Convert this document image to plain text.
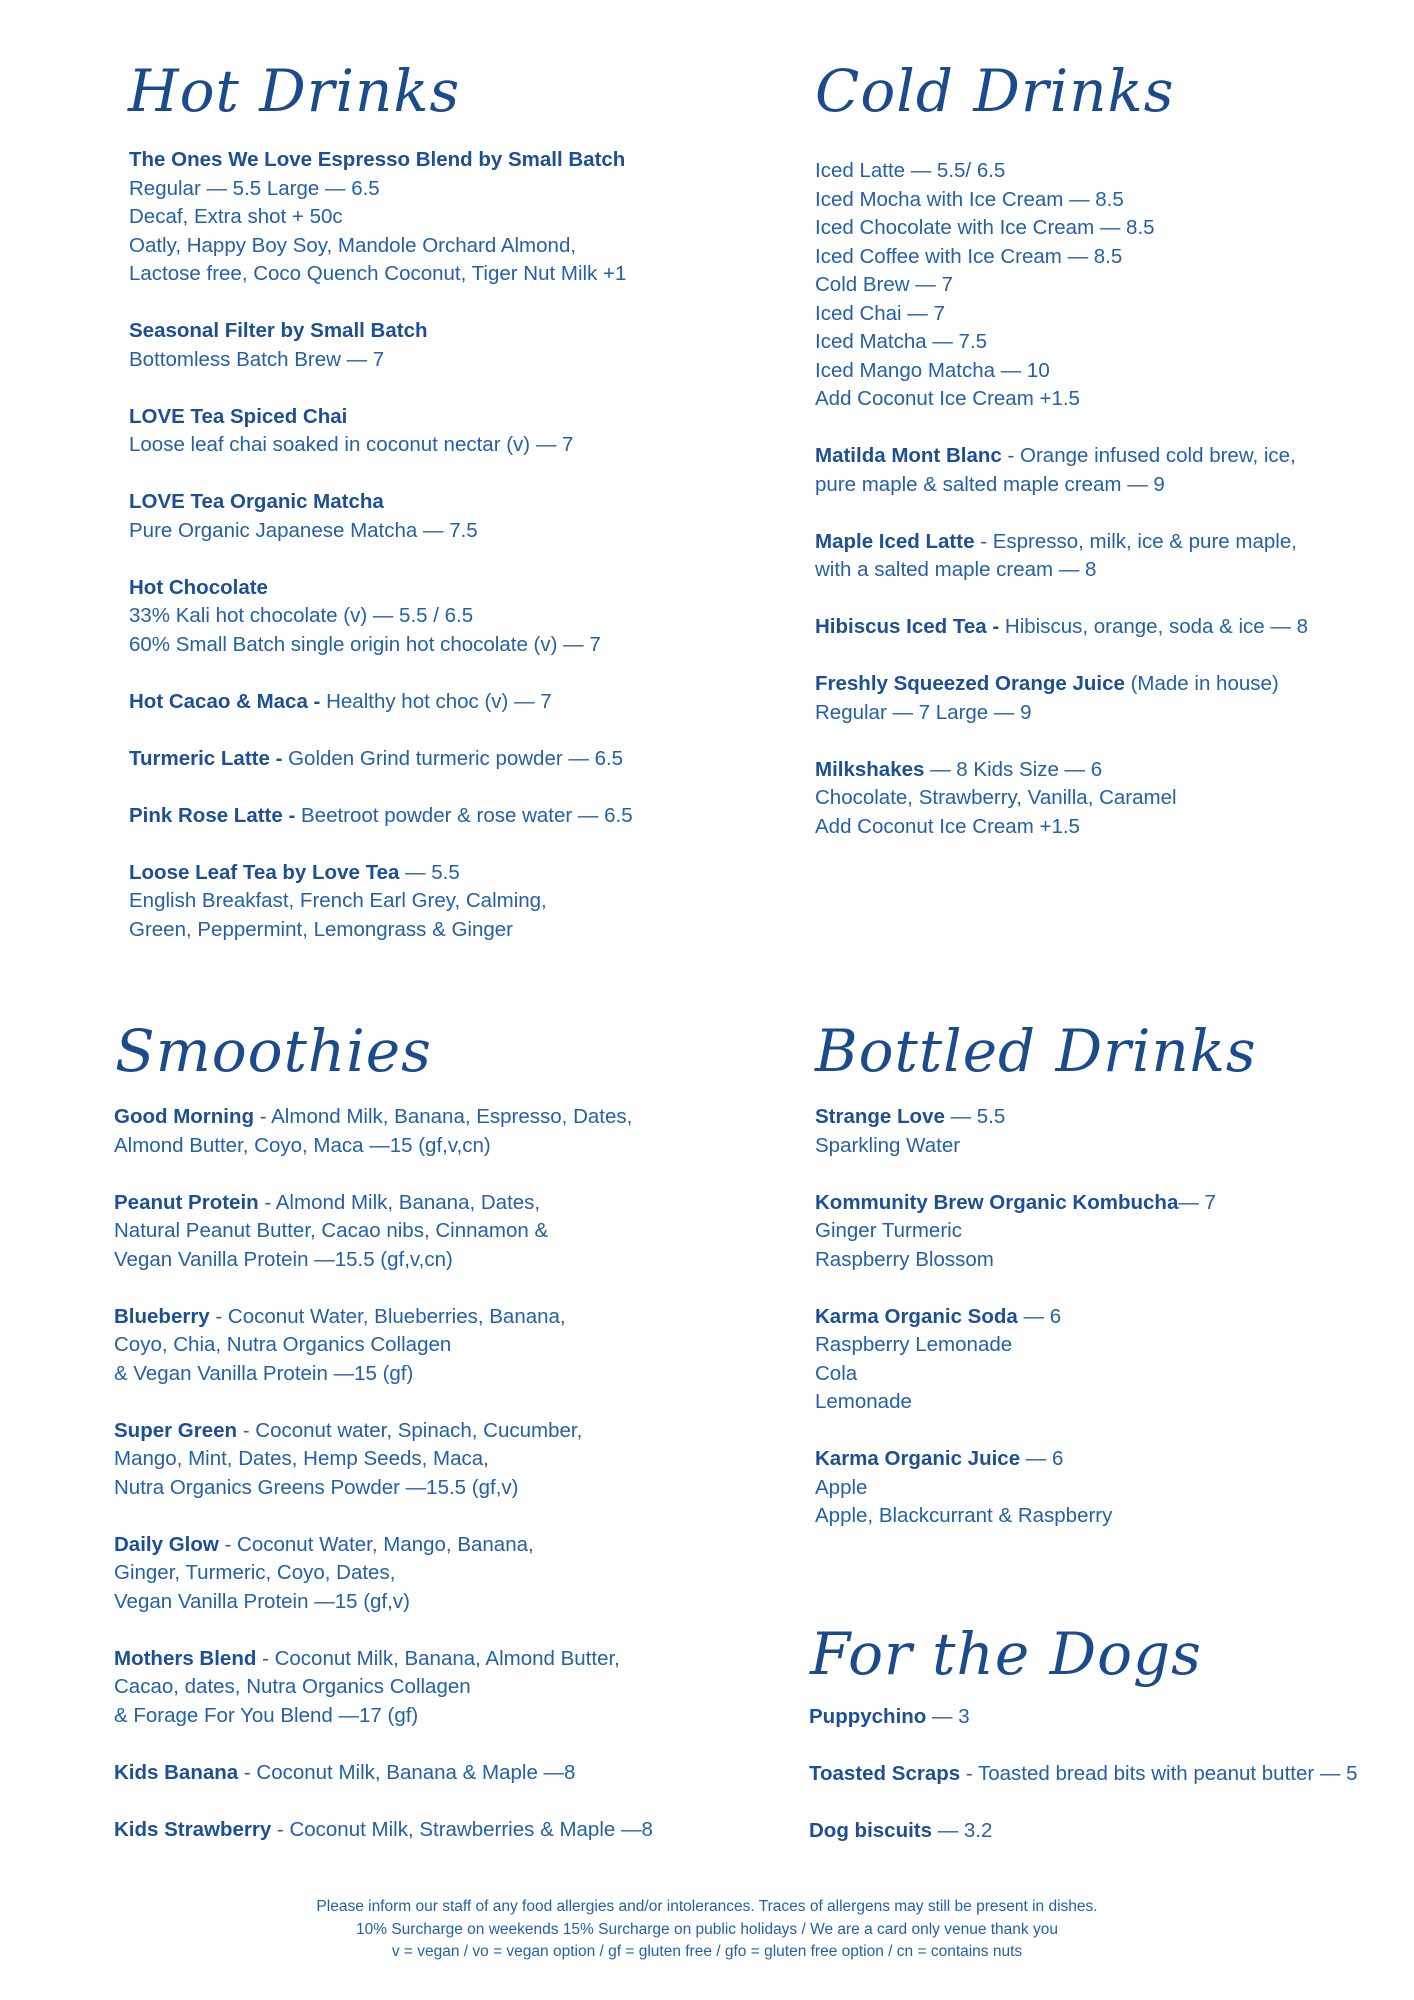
Hot Drinks	Cold Drinks
Smoothies	Bottled Drinks
For the Dogs
The Ones We Love Espresso Blend by Small Batch
Regular — 5.5 Large — 6.5
Decaf, Extra shot + 50c
Oatly, Happy Boy Soy, Mandole Orchard Almond,
Lactose free, Coco Quench Coconut, Tiger Nut Milk +1
Seasonal Filter by Small Batch
Bottomless Batch Brew — 7
LOVE Tea Spiced Chai
Loose leaf chai soaked in coconut nectar (v) — 7
LOVE Tea Organic Matcha
Pure Organic Japanese Matcha — 7.5
Hot Chocolate
33% Kali hot chocolate (v) — 5.5 / 6.5
60% Small Batch single origin hot chocolate (v) — 7
Hot Cacao & Maca - Healthy hot choc (v) — 7
Turmeric Latte - Golden Grind turmeric powder — 6.5
Pink Rose Latte - Beetroot powder & rose water — 6.5
Loose Leaf Tea by Love Tea — 5.5
English Breakfast, French Earl Grey, Calming,
Green, Peppermint, Lemongrass & Ginger
Iced Latte — 5.5/ 6.5
Iced Mocha with Ice Cream — 8.5
Iced Chocolate with Ice Cream — 8.5
Iced Coffee with Ice Cream — 8.5
Cold Brew — 7
Iced Chai — 7
Iced Matcha — 7.5
Iced Mango Matcha — 10
Add Coconut Ice Cream +1.5
Matilda Mont Blanc - Orange infused cold brew, ice,
pure maple & salted maple cream — 9
Maple Iced Latte - Espresso, milk, ice & pure maple,
with a salted maple cream — 8
Hibiscus Iced Tea - Hibiscus, orange, soda & ice — 8
Freshly Squeezed Orange Juice (Made in house)
Regular — 7 Large — 9
Milkshakes — 8 Kids Size — 6
Chocolate, Strawberry, Vanilla, Caramel
Add Coconut Ice Cream +1.5
Good Morning - Almond Milk, Banana, Espresso, Dates,
Almond Butter, Coyo, Maca —15 (gf,v,cn)
Peanut Protein - Almond Milk, Banana, Dates,
Natural Peanut Butter, Cacao nibs, Cinnamon &
Vegan Vanilla Protein —15.5 (gf,v,cn)
Blueberry - Coconut Water, Blueberries, Banana,
Coyo, Chia, Nutra Organics Collagen
& Vegan Vanilla Protein —15 (gf)
Super Green - Coconut water, Spinach, Cucumber,
Mango, Mint, Dates, Hemp Seeds, Maca,
Nutra Organics Greens Powder —15.5 (gf,v)
Daily Glow - Coconut Water, Mango, Banana,
Ginger, Turmeric, Coyo, Dates,
Vegan Vanilla Protein —15 (gf,v)
Mothers Blend - Coconut Milk, Banana, Almond Butter,
Cacao, dates, Nutra Organics Collagen
& Forage For You Blend —17 (gf)
Kids Banana - Coconut Milk, Banana & Maple —8
Kids Strawberry - Coconut Milk, Strawberries & Maple —8
Strange Love — 5.5
Sparkling Water
Kommunity Brew Organic Kombucha— 7
Ginger Turmeric
Raspberry Blossom
Karma Organic Soda — 6
Raspberry Lemonade
Cola
Lemonade
Karma Organic Juice — 6
Apple
Apple, Blackcurrant & Raspberry
Puppychino — 3
Toasted Scraps - Toasted bread bits with peanut butter — 5
Dog biscuits — 3.2
Please inform our staff of any food allergies and/or intolerances. Traces of allergens may still be present in dishes.
10% Surcharge on weekends 15% Surcharge on public holidays / We are a card only venue thank you
v = vegan / vo = vegan option / gf = gluten free / gfo = gluten free option / cn = contains nuts
